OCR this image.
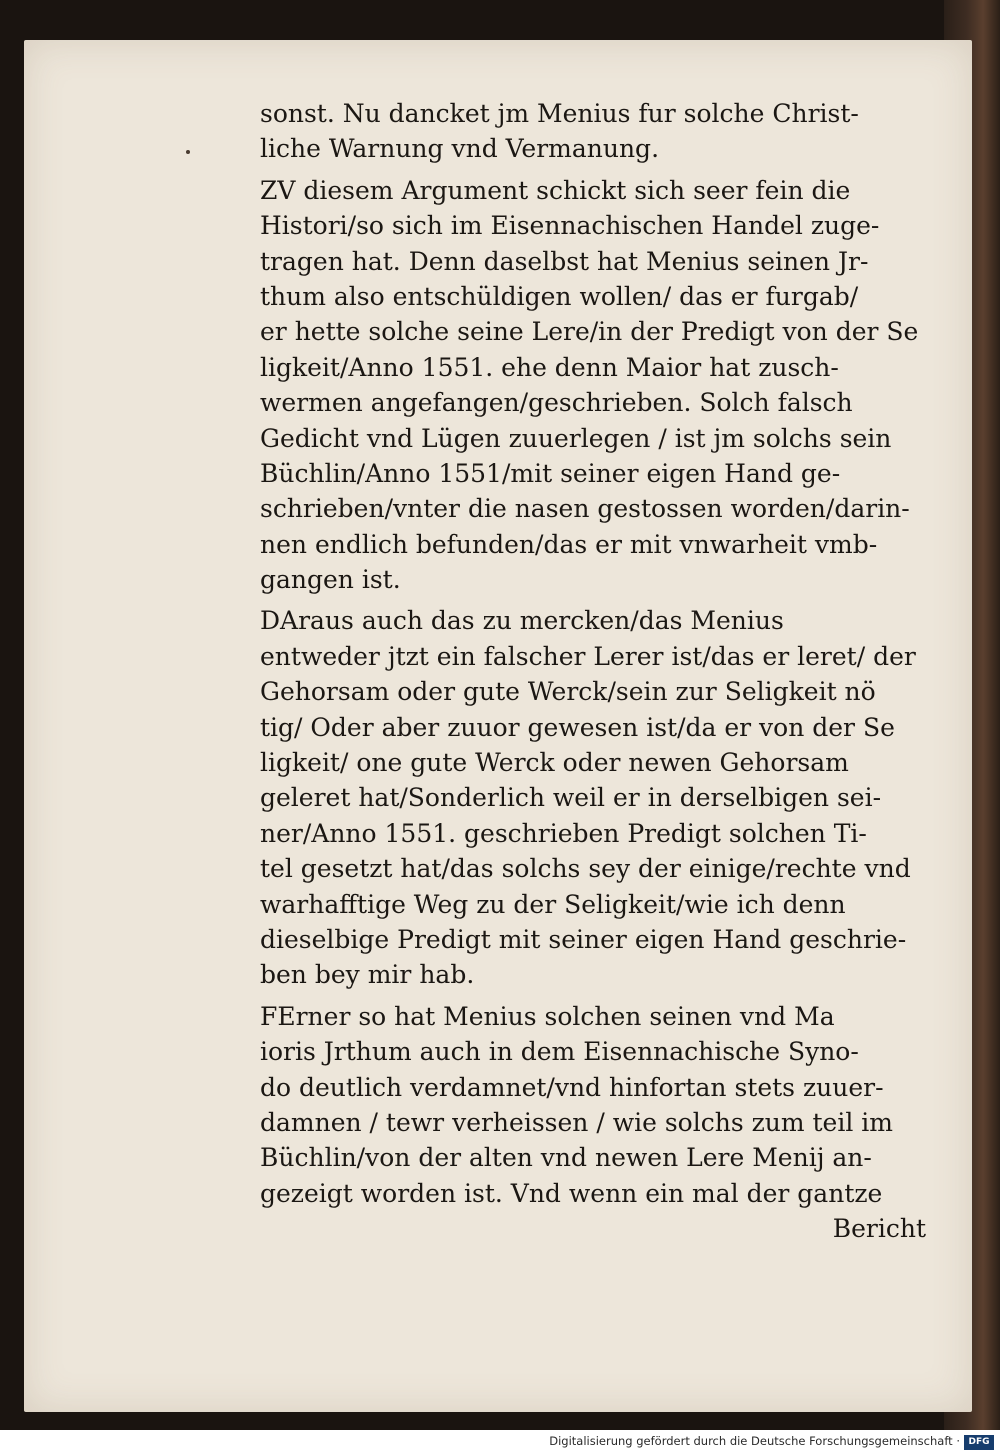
sonst. Nu dancket jm Menius fur solche Christ-
liche Warnung vnd Vermanung.
ZV diesem Argument schickt sich seer fein die
Histori/so sich im Eisennachischen Handel zuge-
tragen hat. Denn daselbst hat Menius seinen Jr-
thum also entschüldigen wollen/ das er furgab/
er hette solche seine Lere/in der Predigt von der Se
ligkeit/Anno 1551. ehe denn Maior hat zusch-
wermen angefangen/geschrieben. Solch falsch
Gedicht vnd Lügen zuuerlegen / ist jm solchs sein
Büchlin/Anno 1551/mit seiner eigen Hand ge-
schrieben/vnter die nasen gestossen worden/darin-
nen endlich befunden/das er mit vnwarheit vmb-
gangen ist.
DAraus auch das zu mercken/das Menius
entweder jtzt ein falscher Lerer ist/das er leret/ der
Gehorsam oder gute Werck/sein zur Seligkeit nö
tig/ Oder aber zuuor gewesen ist/da er von der Se
ligkeit/ one gute Werck oder newen Gehorsam
geleret hat/Sonderlich weil er in derselbigen sei-
ner/Anno 1551. geschrieben Predigt solchen Ti-
tel gesetzt hat/das solchs sey der einige/rechte vnd
warhafftige Weg zu der Seligkeit/wie ich denn
dieselbige Predigt mit seiner eigen Hand geschrie-
ben bey mir hab.
FErner so hat Menius solchen seinen vnd Ma
ioris Jrthum auch in dem Eisennachische Syno-
do deutlich verdamnet/vnd hinfortan stets zuuer-
damnen / tewr verheissen / wie solchs zum teil im
Büchlin/von der alten vnd newen Lere Menij an-
gezeigt worden ist. Vnd wenn ein mal der gantze
Bericht
Digitalisierung gefördert durch die Deutsche Forschungsgemeinschaft · DFG
